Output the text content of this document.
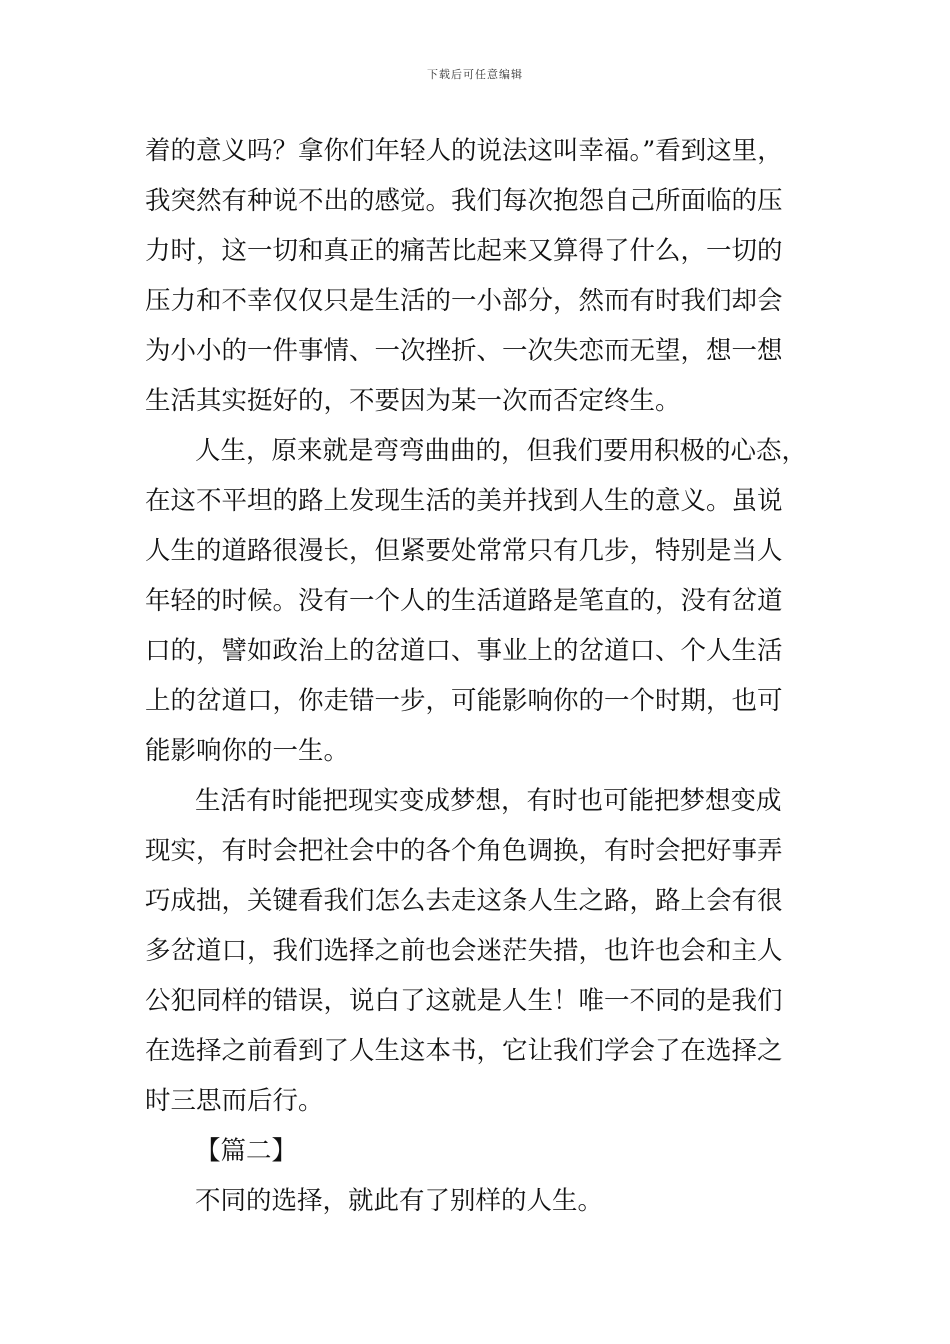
下载后可任意编辑

着的意义吗？拿你们年轻人的说法这叫幸福。”看到这里，

我突然有种说不出的感觉。我们每次抱怨自己所面临的压

力时，这一切和真正的痛苦比起来又算得了什么，一切的

压力和不幸仅仅只是生活的一小部分，然而有时我们却会

为小小的一件事情、一次挫折、一次失恋而无望，想一想

生活其实挺好的，不要因为某一次而否定终生。

人生，原来就是弯弯曲曲的，但我们要用积极的心态，

在这不平坦的路上发现生活的美并找到人生的意义。虽说

人生的道路很漫长，但紧要处常常只有几步，特别是当人

年轻的时候。没有一个人的生活道路是笔直的，没有岔道

口的，譬如政治上的岔道口、事业上的岔道口、个人生活

上的岔道口，你走错一步，可能影响你的一个时期，也可

能影响你的一生。

生活有时能把现实变成梦想，有时也可能把梦想变成

现实，有时会把社会中的各个角色调换，有时会把好事弄

巧成拙，关键看我们怎么去走这条人生之路，路上会有很

多岔道口，我们选择之前也会迷茫失措，也许也会和主人

公犯同样的错误，说白了这就是人生！唯一不同的是我们

在选择之前看到了人生这本书，它让我们学会了在选择之

时三思而后行。

【篇二】

不同的选择，就此有了别样的人生。
